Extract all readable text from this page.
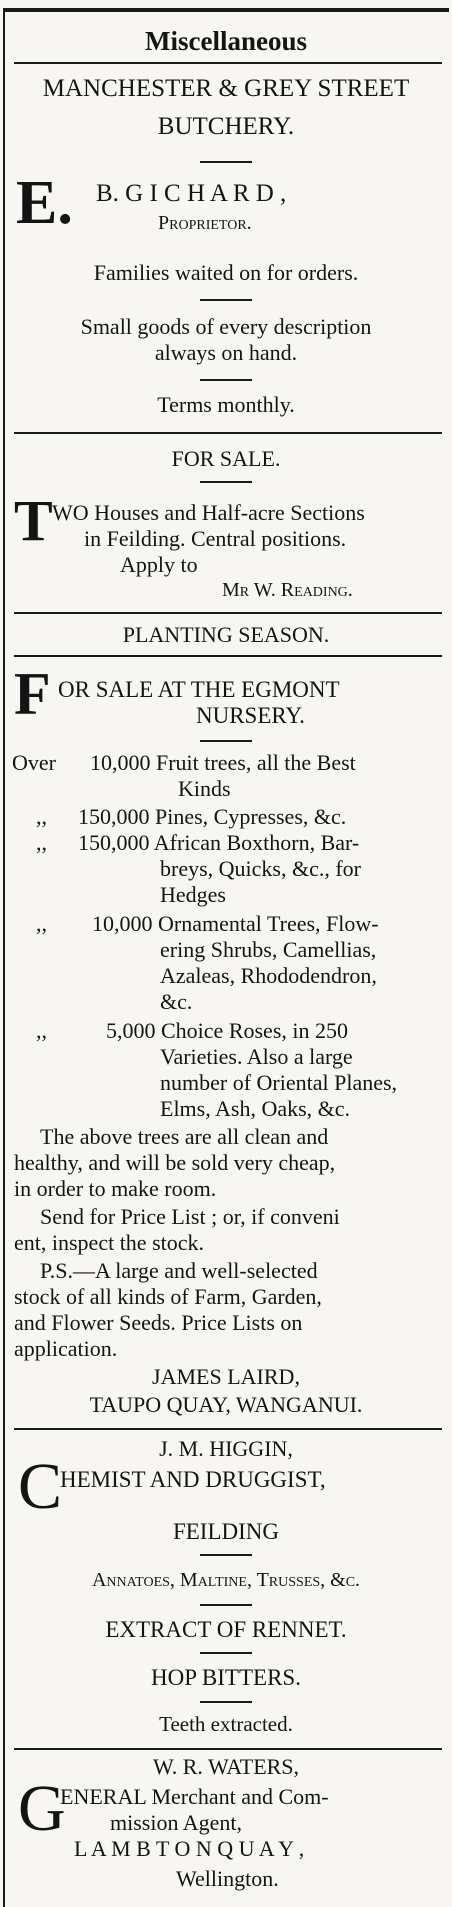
Miscellaneous
MANCHESTER & GREY STREET
BUTCHERY.
E. B. G I C H A R D ,
Proprietor.
Families waited on for orders.
Small goods of every description
always on hand.
Terms monthly.
FOR SALE.
T WO Houses and Half-acre Sections
in Feilding. Central positions.
Apply to
Mr W. Reading.
PLANTING SEASON.
F OR SALE AT THE EGMONT
NURSERY.
Over 10,000 Fruit trees, all the Best
Kinds
,, 150,000 Pines, Cypresses, &c.
,, 150,000 African Boxthorn, Bar-
breys, Quicks, &c., for
Hedges
,, 10,000 Ornamental Trees, Flow-
ering Shrubs, Camellias,
Azaleas, Rhododendron,
&c.
,,	5,000 Choice Roses, in 250
Varieties. Also a large
number of Oriental Planes,
Elms, Ash, Oaks, &c.
The above trees are all clean and
healthy, and will be sold very cheap,
in order to make room.
Send for Price List ; or, if conveni
ent, inspect the stock.
P.S.—A large and well-selected
stock of all kinds of Farm, Garden,
and Flower Seeds. Price Lists on
application.
JAMES LAIRD,
TAUPO QUAY, WANGANUI.
J. M. HIGGIN,
C
HEMIST AND DRUGGIST,
FEILDING
Annatoes, Maltine, Trusses, &c.
EXTRACT OF RENNET.
HOP BITTERS.
Teeth extracted.
W. R. WATERS,
G
ENERAL Merchant and Com-
mission Agent,
L A M B T O N Q U A Y ,
Wellington.
